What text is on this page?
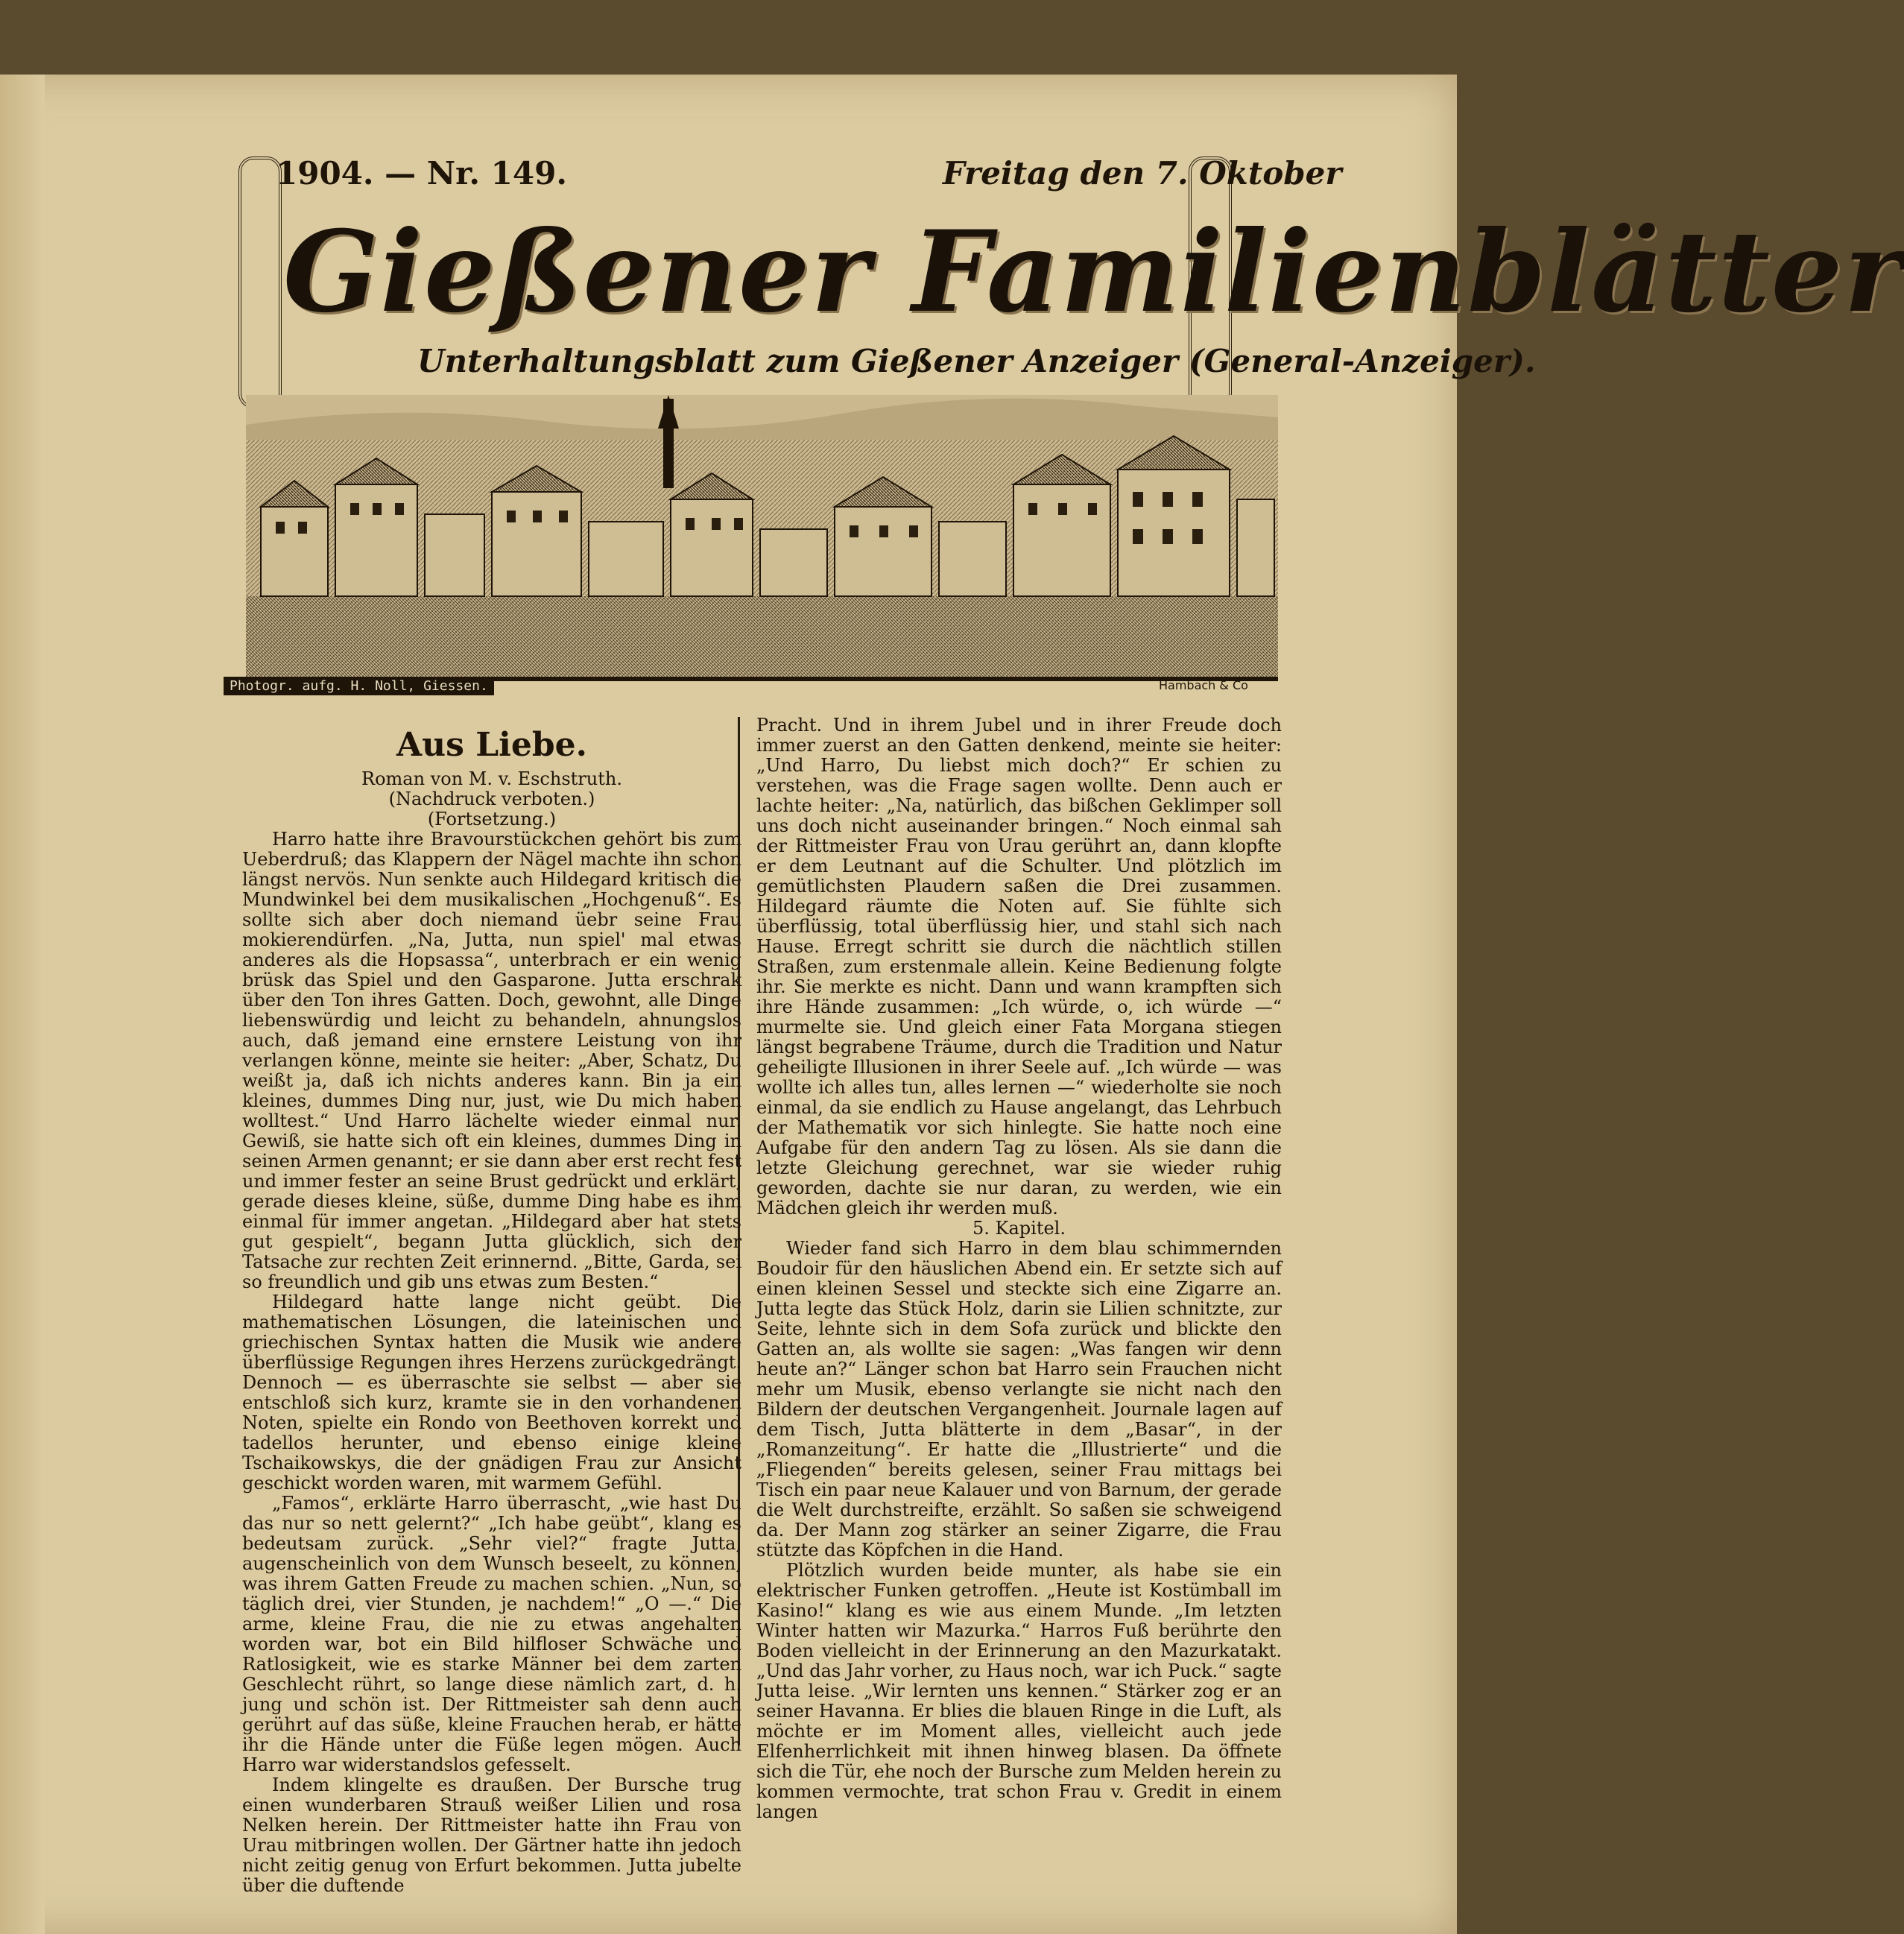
1904. — Nr. 149.	Freitag den 7. Oktober
Gießener Familienblätter
Unterhaltungsblatt zum Gießener Anzeiger (General-Anzeiger).
Photogr. aufg. H. Noll, Giessen.	Hambach & Co
Aus Liebe.
Roman von M. v. Eschstruth.
(Nachdruck verboten.)
(Fortsetzung.)

Harro hatte ihre Bravourstückchen gehört bis zum Ueberdruß; das Klappern der Nägel machte ihn schon längst nervös. Nun senkte auch Hildegard kritisch die Mundwinkel bei dem musikalischen „Hochgenuß“. Es sollte sich aber doch niemand üebr seine Frau mokierendürfen. „Na, Jutta, nun spiel' mal etwas anderes als die Hopsassa“, unterbrach er ein wenig brüsk das Spiel und den Gasparone. Jutta erschrak über den Ton ihres Gatten. Doch, gewohnt, alle Dinge liebenswürdig und leicht zu behandeln, ahnungslos auch, daß jemand eine ernstere Leistung von ihr verlangen könne, meinte sie heiter: „Aber, Schatz, Du weißt ja, daß ich nichts anderes kann. Bin ja ein kleines, dummes Ding nur, just, wie Du mich haben wolltest.“ Und Harro lächelte wieder einmal nur. Gewiß, sie hatte sich oft ein kleines, dummes Ding in seinen Armen genannt; er sie dann aber erst recht fest und immer fester an seine Brust gedrückt und erklärt, gerade dieses kleine, süße, dumme Ding habe es ihm einmal für immer angetan. „Hildegard aber hat stets gut gespielt“, begann Jutta glücklich, sich der Tatsache zur rechten Zeit erinnernd. „Bitte, Garda, sei so freundlich und gib uns etwas zum Besten.“

Hildegard hatte lange nicht geübt. Die mathematischen Lösungen, die lateinischen und griechischen Syntax hatten die Musik wie andere überflüssige Regungen ihres Herzens zurückgedrängt. Dennoch — es überraschte sie selbst — aber sie entschloß sich kurz, kramte sie in den vorhandenen Noten, spielte ein Rondo von Beethoven korrekt und tadellos herunter, und ebenso einige kleine Tschaikowskys, die der gnädigen Frau zur Ansicht geschickt worden waren, mit warmem Gefühl.

„Famos“, erklärte Harro überrascht, „wie hast Du das nur so nett gelernt?“ „Ich habe geübt“, klang es bedeutsam zurück. „Sehr viel?“ fragte Jutta, augenscheinlich von dem Wunsch beseelt, zu können, was ihrem Gatten Freude zu machen schien. „Nun, so täglich drei, vier Stunden, je nachdem!“ „O —.“ Die arme, kleine Frau, die nie zu etwas angehalten worden war, bot ein Bild hilfloser Schwäche und Ratlosigkeit, wie es starke Männer bei dem zarten Geschlecht rührt, so lange diese nämlich zart, d. h. jung und schön ist. Der Rittmeister sah denn auch gerührt auf das süße, kleine Frauchen herab, er hätte ihr die Hände unter die Füße legen mögen. Auch Harro war widerstandslos gefesselt.

Indem klingelte es draußen. Der Bursche trug einen wunderbaren Strauß weißer Lilien und rosa Nelken herein. Der Rittmeister hatte ihn Frau von Urau mitbringen wollen. Der Gärtner hatte ihn jedoch nicht zeitig genug von Erfurt bekommen. Jutta jubelte über die duftende

Pracht. Und in ihrem Jubel und in ihrer Freude doch immer zuerst an den Gatten denkend, meinte sie heiter: „Und Harro, Du liebst mich doch?“ Er schien zu verstehen, was die Frage sagen wollte. Denn auch er lachte heiter: „Na, natürlich, das bißchen Geklimper soll uns doch nicht auseinander bringen.“ Noch einmal sah der Rittmeister Frau von Urau gerührt an, dann klopfte er dem Leutnant auf die Schulter. Und plötzlich im gemütlichsten Plaudern saßen die Drei zusammen. Hildegard räumte die Noten auf. Sie fühlte sich überflüssig, total überflüssig hier, und stahl sich nach Hause. Erregt schritt sie durch die nächtlich stillen Straßen, zum erstenmale allein. Keine Bedienung folgte ihr. Sie merkte es nicht. Dann und wann krampften sich ihre Hände zusammen: „Ich würde, o, ich würde —“ murmelte sie. Und gleich einer Fata Morgana stiegen längst begrabene Träume, durch die Tradition und Natur geheiligte Illusionen in ihrer Seele auf. „Ich würde — was wollte ich alles tun, alles lernen —“ wiederholte sie noch einmal, da sie endlich zu Hause angelangt, das Lehrbuch der Mathematik vor sich hinlegte. Sie hatte noch eine Aufgabe für den andern Tag zu lösen. Als sie dann die letzte Gleichung gerechnet, war sie wieder ruhig geworden, dachte sie nur daran, zu werden, wie ein Mädchen gleich ihr werden muß.

5. Kapitel.

Wieder fand sich Harro in dem blau schimmernden Boudoir für den häuslichen Abend ein. Er setzte sich auf einen kleinen Sessel und steckte sich eine Zigarre an. Jutta legte das Stück Holz, darin sie Lilien schnitzte, zur Seite, lehnte sich in dem Sofa zurück und blickte den Gatten an, als wollte sie sagen: „Was fangen wir denn heute an?“ Länger schon bat Harro sein Frauchen nicht mehr um Musik, ebenso verlangte sie nicht nach den Bildern der deutschen Vergangenheit. Journale lagen auf dem Tisch, Jutta blätterte in dem „Basar“, in der „Romanzeitung“. Er hatte die „Illustrierte“ und die „Fliegenden“ bereits gelesen, seiner Frau mittags bei Tisch ein paar neue Kalauer und von Barnum, der gerade die Welt durchstreifte, erzählt. So saßen sie schweigend da. Der Mann zog stärker an seiner Zigarre, die Frau stützte das Köpfchen in die Hand.

Plötzlich wurden beide munter, als habe sie ein elektrischer Funken getroffen. „Heute ist Kostümball im Kasino!“ klang es wie aus einem Munde. „Im letzten Winter hatten wir Mazurka.“ Harros Fuß berührte den Boden vielleicht in der Erinnerung an den Mazurkatakt. „Und das Jahr vorher, zu Haus noch, war ich Puck.“ sagte Jutta leise. „Wir lernten uns kennen.“ Stärker zog er an seiner Havanna. Er blies die blauen Ringe in die Luft, als möchte er im Moment alles, vielleicht auch jede Elfenherrlichkeit mit ihnen hinweg blasen. Da öffnete sich die Tür, ehe noch der Bursche zum Melden herein zu kommen vermochte, trat schon Frau v. Gredit in einem langen
